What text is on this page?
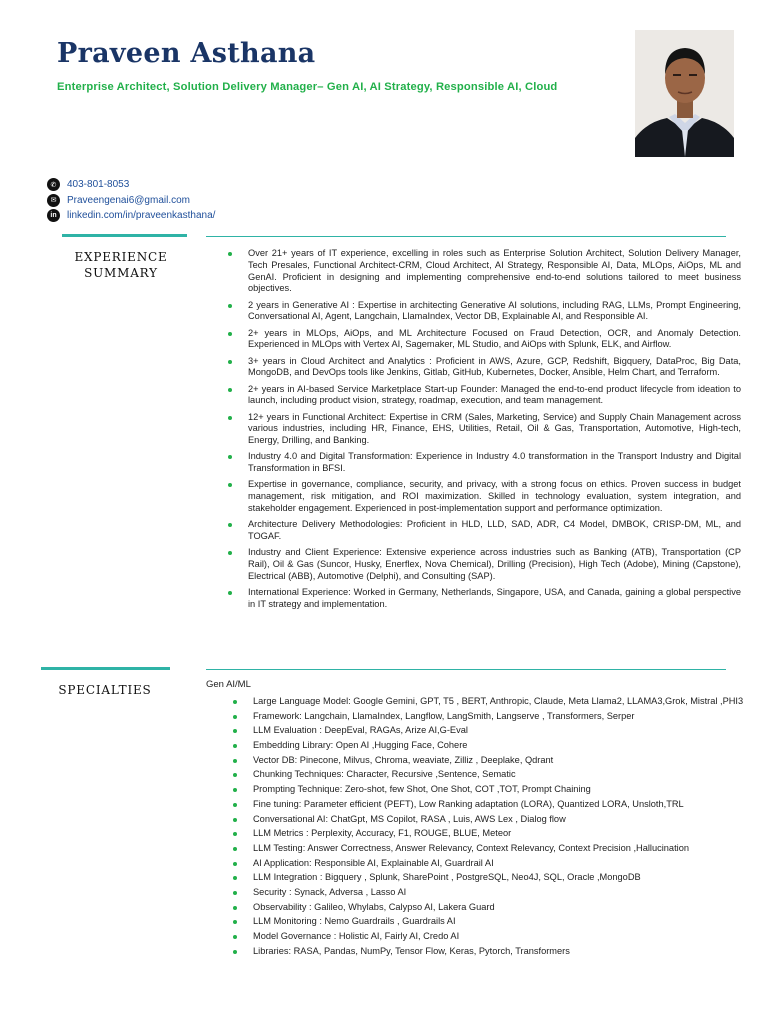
Praveen Asthana

Enterprise Architect, Solution Delivery Manager– Gen AI, AI Strategy, Responsible AI, Cloud

✆	403-801-8053
✉	Praveengenai6@gmail.com
in	linkedin.com/in/praveenkasthana/
EXPERIENCE
SUMMARY
Over 21+ years of IT experience, excelling in roles such as Enterprise Solution Architect, Solution Delivery Manager, Tech Presales, Functional Architect-CRM, Cloud Architect, AI Strategy, Responsible AI, Data, MLOps, AiOps, ML and GenAI. Proficient in designing and implementing comprehensive end-to-end solutions tailored to meet business objectives.
2 years in Generative AI : Expertise in architecting Generative AI solutions, including RAG, LLMs, Prompt Engineering, Conversational AI, Agent, Langchain, LlamaIndex, Vector DB, Explainable AI, and Responsible AI.
2+ years in MLOps, AiOps, and ML Architecture Focused on Fraud Detection, OCR, and Anomaly Detection. Experienced in MLOps with Vertex AI, Sagemaker, ML Studio, and AiOps with Splunk, ELK, and Airflow.
3+ years in Cloud Architect and Analytics : Proficient in AWS, Azure, GCP, Redshift, Bigquery, DataProc, Big Data, MongoDB, and DevOps tools like Jenkins, Gitlab, GitHub, Kubernetes, Docker, Ansible, Helm Chart, and Terraform.
2+ years in AI-based Service Marketplace Start-up Founder: Managed the end-to-end product lifecycle from ideation to launch, including product vision, strategy, roadmap, execution, and team management.
12+ years in Functional Architect: Expertise in CRM (Sales, Marketing, Service) and Supply Chain Management across various industries, including HR, Finance, EHS, Utilities, Retail, Oil & Gas, Transportation, Automotive, High-tech, Energy, Drilling, and Banking.
Industry 4.0 and Digital Transformation: Experience in Industry 4.0 transformation in the Transport Industry and Digital Transformation in BFSI.
Expertise in governance, compliance, security, and privacy, with a strong focus on ethics. Proven success in budget management, risk mitigation, and ROI maximization. Skilled in technology evaluation, system integration, and stakeholder engagement. Experienced in post-implementation support and performance optimization.
Architecture Delivery Methodologies: Proficient in HLD, LLD, SAD, ADR, C4 Model, DMBOK, CRISP-DM, ML, and TOGAF.
Industry and Client Experience: Extensive experience across industries such as Banking (ATB), Transportation (CP Rail), Oil & Gas (Suncor, Husky, Enerflex, Nova Chemical), Drilling (Precision), High Tech (Adobe), Mining (Capstone), Electrical (ABB), Automotive (Delphi), and Consulting (SAP).
International Experience: Worked in Germany, Netherlands, Singapore, USA, and Canada, gaining a global perspective in IT strategy and implementation.
SPECIALTIES	Gen AI/ML
Large Language Model: Google Gemini, GPT, T5 , BERT, Anthropic, Claude, Meta Llama2, LLAMA3,Grok, Mistral ,PHI3
Framework: Langchain, LlamaIndex, Langflow, LangSmith, Langserve , Transformers, Serper
LLM Evaluation : DeepEval, RAGAs, Arize AI,G-Eval
Embedding Library: Open AI ,Hugging Face, Cohere
Vector DB: Pinecone, Milvus, Chroma, weaviate, Zilliz , Deeplake, Qdrant
Chunking Techniques: Character, Recursive ,Sentence, Sematic
Prompting Technique: Zero-shot, few Shot, One Shot, COT ,TOT, Prompt Chaining
Fine tuning: Parameter efficient (PEFT), Low Ranking adaptation (LORA), Quantized LORA, Unsloth,TRL
Conversational AI: ChatGpt, MS Copilot, RASA , Luis, AWS Lex , Dialog flow
LLM Metrics : Perplexity, Accuracy, F1, ROUGE, BLUE, Meteor
LLM Testing: Answer Correctness, Answer Relevancy, Context Relevancy, Context Precision ,Hallucination
AI Application: Responsible AI, Explainable AI, Guardrail AI
LLM Integration : Bigquery , Splunk, SharePoint , PostgreSQL, Neo4J, SQL, Oracle ,MongoDB
Security : Synack, Adversa , Lasso AI
Observability : Galileo, Whylabs, Calypso AI, Lakera Guard
LLM Monitoring : Nemo Guardrails , Guardrails AI
Model Governance : Holistic AI, Fairly AI, Credo AI
Libraries: RASA, Pandas, NumPy, Tensor Flow, Keras, Pytorch, Transformers
